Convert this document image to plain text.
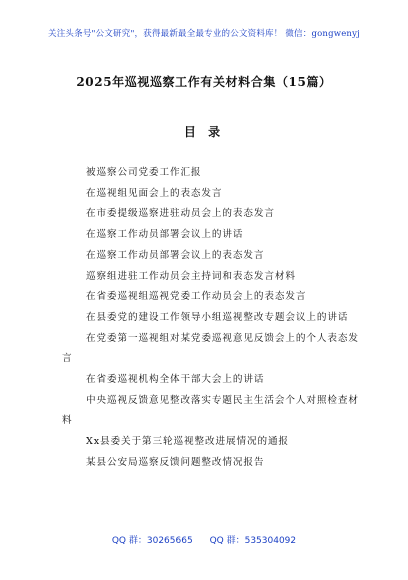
关注头条号"公文研究"，获得最新最全最专业的公文资料库！ 微信：gongwenyj
2025年巡视巡察工作有关材料合集（15篇）
目 录
被巡察公司党委工作汇报
在巡视组见面会上的表态发言
在市委提级巡察进驻动员会上的表态发言
在巡察工作动员部署会议上的讲话
在巡察工作动员部署会议上的表态发言
巡察组进驻工作动员会主持词和表态发言材料
在省委巡视组巡视党委工作动员会上的表态发言
在县委党的建设工作领导小组巡视整改专题会议上的讲话
在党委第一巡视组对某党委巡视意见反馈会上的个人表态发言
在省委巡视机构全体干部大会上的讲话
中央巡视反馈意见整改落实专题民主生活会个人对照检查材料
Xx县委关于第三轮巡视整改进展情况的通报
某县公安局巡察反馈问题整改情况报告
QQ 群：30265665 QQ 群：535304092
